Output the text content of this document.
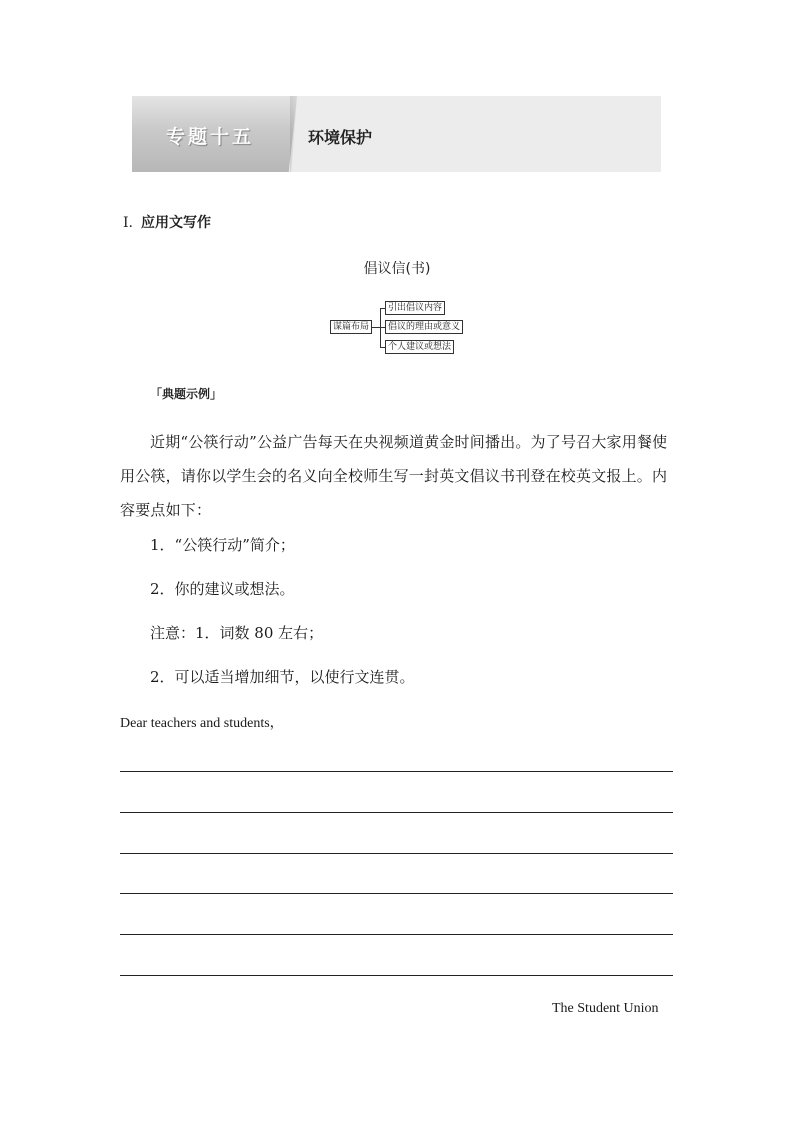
专题十五	环境保护
Ⅰ. 应用文写作
倡议信(书)
谋篇布局
引出倡议内容
倡议的理由或意义
个人建议或想法
「典题示例」
近期“公筷行动”公益广告每天在央视频道黄金时间播出。为了号召大家用餐使用公筷，请你以学生会的名义向全校师生写一封英文倡议书刊登在校英文报上。内容要点如下：
1．“公筷行动”简介；
2．你的建议或想法。
注意：1．词数 80 左右；
2．可以适当增加细节，以使行文连贯。
Dear teachers and students，
The Student Union
